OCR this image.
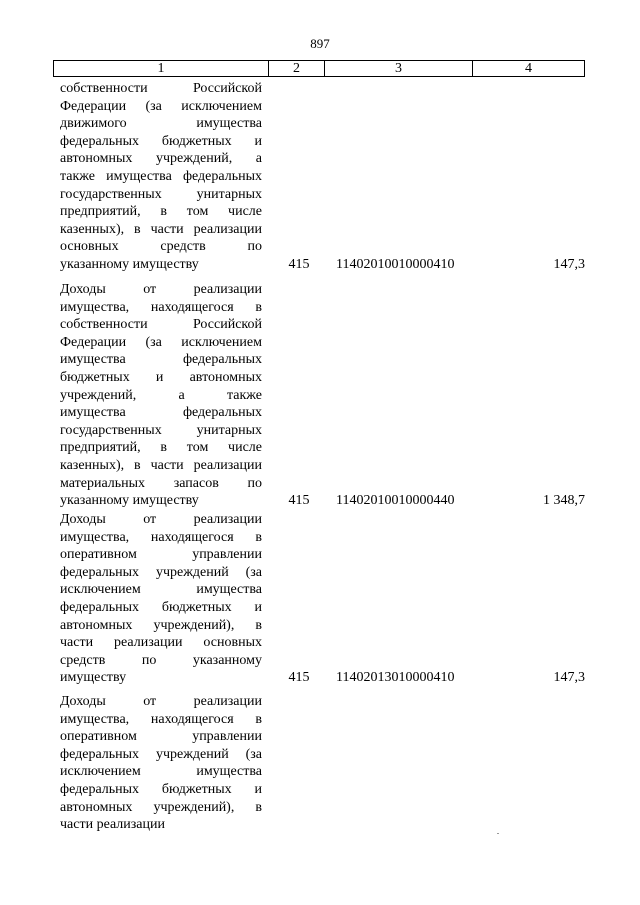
897
1	2	3	4
собственности Российской
Федерации (за исключением
движимого имущества
федеральных бюджетных и
автономных учреждений, а
также имущества федеральных
государственных унитарных
предприятий, в том числе
казенных), в части реализации
основных средств по
указанному имуществу	415	11402010010000410	147,3
Доходы от реализации
имущества, находящегося в
собственности Российской
Федерации (за исключением
имущества федеральных
бюджетных и автономных
учреждений, а также
имущества федеральных
государственных унитарных
предприятий, в том числе
казенных), в части реализации
материальных запасов по
указанному имуществу	415	11402010010000440	1 348,7
Доходы от реализации
имущества, находящегося в
оперативном управлении
федеральных учреждений (за
исключением имущества
федеральных бюджетных и
автономных учреждений), в
части реализации основных
средств по указанному
имуществу	415	11402013010000410	147,3
Доходы от реализации
имущества, находящегося в
оперативном управлении
федеральных учреждений (за
исключением имущества
федеральных бюджетных и
автономных учреждений), в
части реализации
